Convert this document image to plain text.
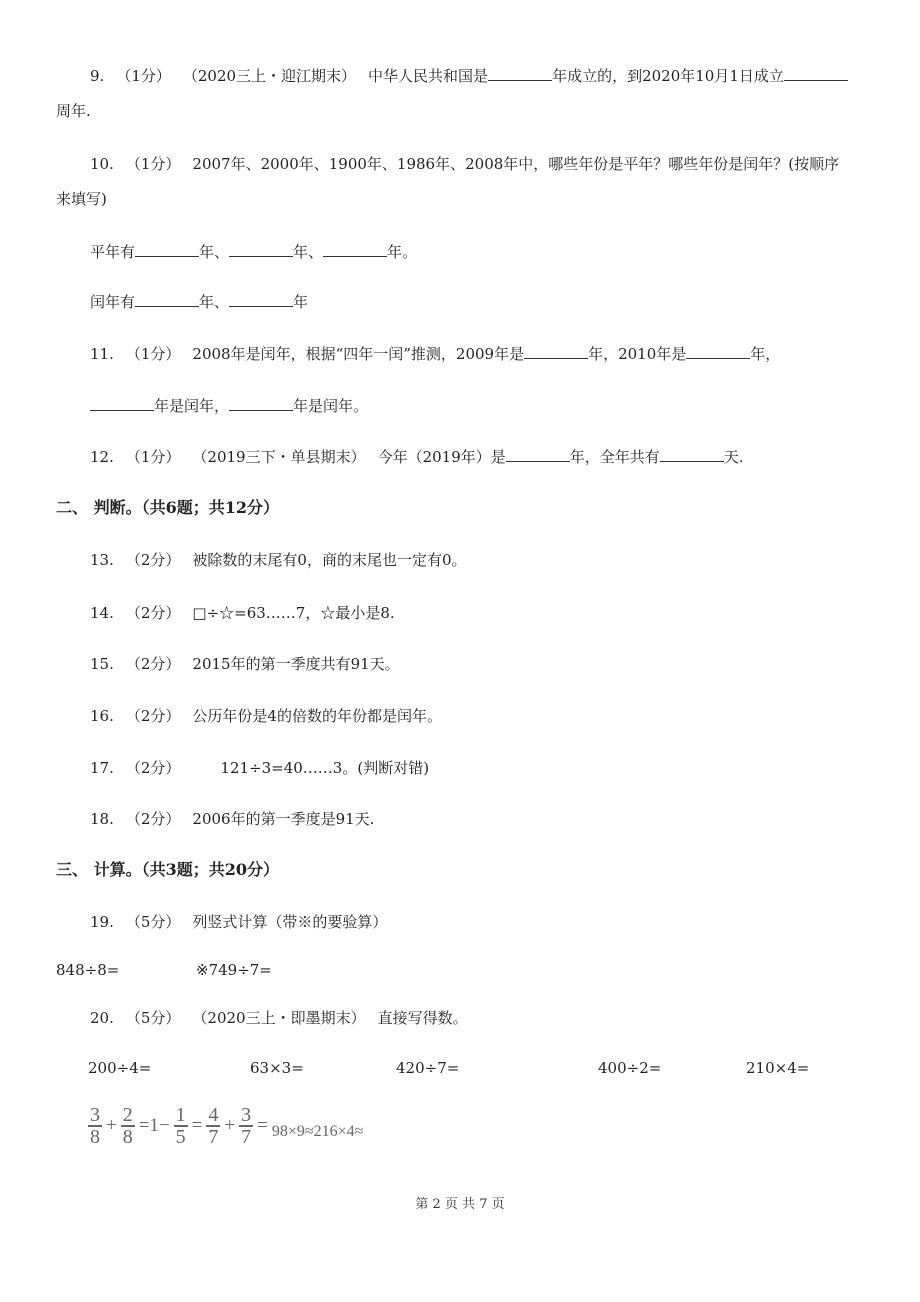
9. （1分） （2020三上・迎江期末） 中华人民共和国是	年成立的，到2020年10月1日成立
周年.
10. （1分） 2007年、2000年、1900年、1986年、2008年中，哪些年份是平年？哪些年份是闰年？(按顺序
来填写)
平年有	年、	年、	年。
闰年有	年、	年
11. （1分） 2008年是闰年，根据“四年一闰”推测，2009年是	年，2010年是	年，
年是闰年，	年是闰年。
12. （1分） （2019三下・单县期末） 今年（2019年）是	年，全年共有	天.
二、 判断。（共6题；共12分）
13. （2分） 被除数的末尾有0，商的末尾也一定有0。
14. （2分） □÷☆=63……7，☆最小是8.
15. （2分） 2015年的第一季度共有91天。
16. （2分） 公历年份是4的倍数的年份都是闰年。
17. （2分）	121÷3=40……3。(判断对错)
18. （2分） 2006年的第一季度是91天.
三、 计算。（共3题；共20分）
19. （5分） 列竖式计算（带※的要验算）
848÷8=	※749÷7=
20. （5分） （2020三上・即墨期末） 直接写得数。
200÷4=	63×3=	420÷7=	400÷2=	210×4=
$\frac{3}{8} + \frac{2}{8} =1- \frac{1}{5} = \frac{4}{7} + \frac{3}{7} = 98\times 9\approx 216\times 4\approx$
第 2 页 共 7 页
